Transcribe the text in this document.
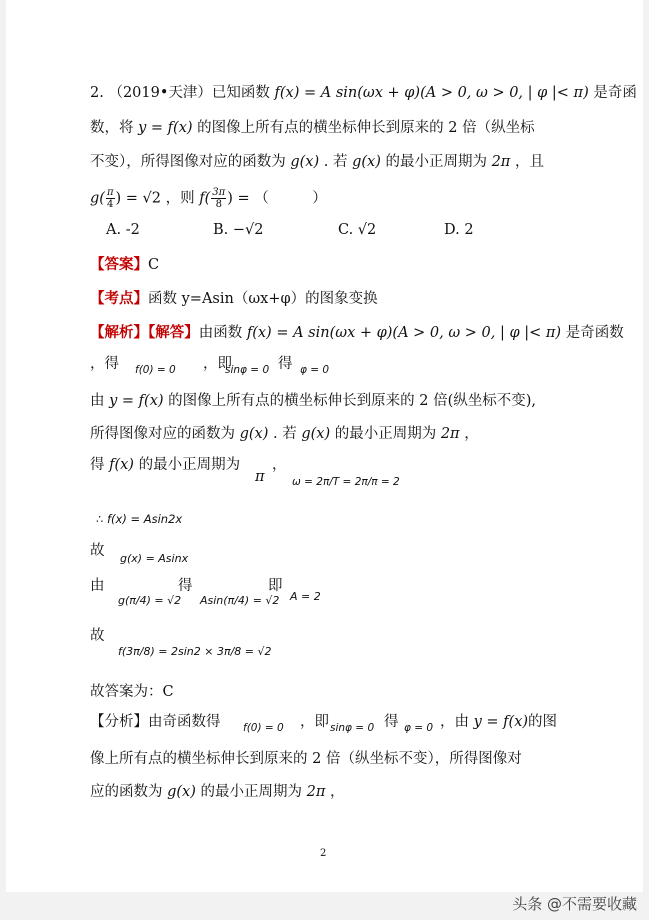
2. （2019•天津）已知函数 f(x) = A sin(ωx + φ)(A > 0, ω > 0, | φ |< π) 是奇函
数，将 y = f(x) 的图像上所有点的横坐标伸长到原来的 2 倍（纵坐标
不变），所得图像对应的函数为 g(x) . 若 g(x) 的最小正周期为 2π ，且
$g( \frac{\pi}{4}$ ) = √2 ，则 $f( \frac{3\pi}{8}$ ) = （　　　）
A. -2	B. −√2	C. √2	D. 2
【答案】C
【考点】函数 y=Asin（ωx+φ）的图象变换
【解析】【解答】由函数 f(x) = A sin(ωx + φ)(A > 0, ω > 0, | φ |< π) 是奇函数
，得 f(0) = 0 ，即
sinφ = 0 得 φ = 0
由 y = f(x) 的图像上所有点的横坐标伸长到原来的 2 倍(纵坐标不变),
所得图像对应的函数为 g(x) . 若 g(x) 的最小正周期为 2π ，
得 f(x) 的最小正周期为
π
，
ω = 2π/T = 2π/π = 2
∴ f(x) = Asin2x
故 g(x) = Asinx
由
g(π/4) = √2
得
Asin(π/4) = √2
即
A = 2
故
f(3π/8) = 2sin2 × 3π/8 = √2
故答案为：C
【分析】由奇函数得 f(0) = 0 ，即 sinφ = 0 得 φ = 0 ，由 y = f(x)的图
像上所有点的横坐标伸长到原来的 2 倍（纵坐标不变），所得图像对
应的函数为 g(x) 的最小正周期为 2π ，
2
头条 @不需要收藏
